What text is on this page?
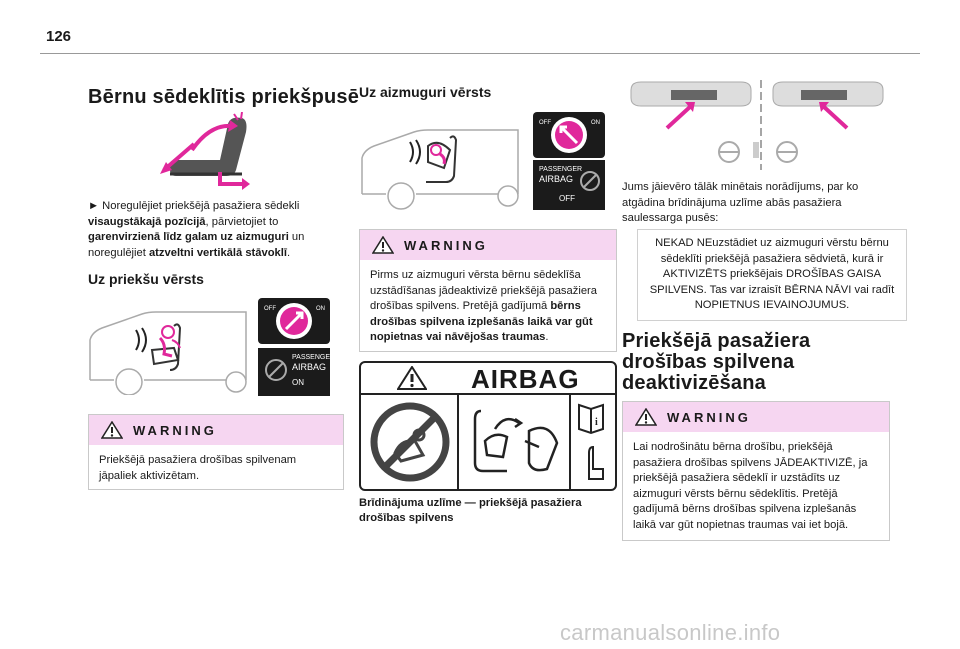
126
Bērnu sēdeklītis priekšpusē
► Noregulējiet priekšējā pasažiera sēdekli visaugstākajā pozīcijā, pārvietojiet to garenvirzienā līdz galam uz aizmuguri un noregulējiet atzveltni vertikālā stāvoklī.
Uz priekšu vērsts
OFF	ON
PASSENGER
AIRBAG
ON
WARNING
Priekšējā pasažiera drošības spilvenam jāpaliek aktivizētam.
Uz aizmuguri vērsts
OFF	ON
PASSENGER
AIRBAG
OFF
WARNING
Pirms uz aizmuguri vērsta bērnu sēdeklīša uzstādīšanas jādeaktivizē priekšējā pasažiera drošības spilvens. Pretējā gadījumā bērns drošības spilvena izplešanās laikā var gūt nopietnas vai nāvējošas traumas.
AIRBAG
i
Brīdinājuma uzlīme — priekšējā pasažiera drošības spilvens
Jums jāievēro tālāk minētais norādījums, par ko atgādina brīdinājuma uzlīme abās pasažiera saulessarga pusēs:
NEKAD NEuzstādiet uz aizmuguri vērstu bērnu sēdeklīti priekšējā pasažiera sēdvietā, kurā ir AKTIVIZĒTS priekšējais DROŠĪBAS GAISA SPILVENS. Tas var izraisīt BĒRNA NĀVI vai radīt NOPIETNUS IEVAINOJUMUS.
Priekšējā pasažiera
drošības spilvena
deaktivizēšana
WARNING
Lai nodrošinātu bērna drošību, priekšējā pasažiera drošības spilvens JĀDEAKTIVIZĒ, ja priekšējā pasažiera sēdeklī ir uzstādīts uz aizmuguri vērsts bērnu sēdeklītis. Pretējā gadījumā bērns drošības spilvena izplešanās laikā var gūt nopietnas traumas vai iet bojā.
carmanualsonline.info
